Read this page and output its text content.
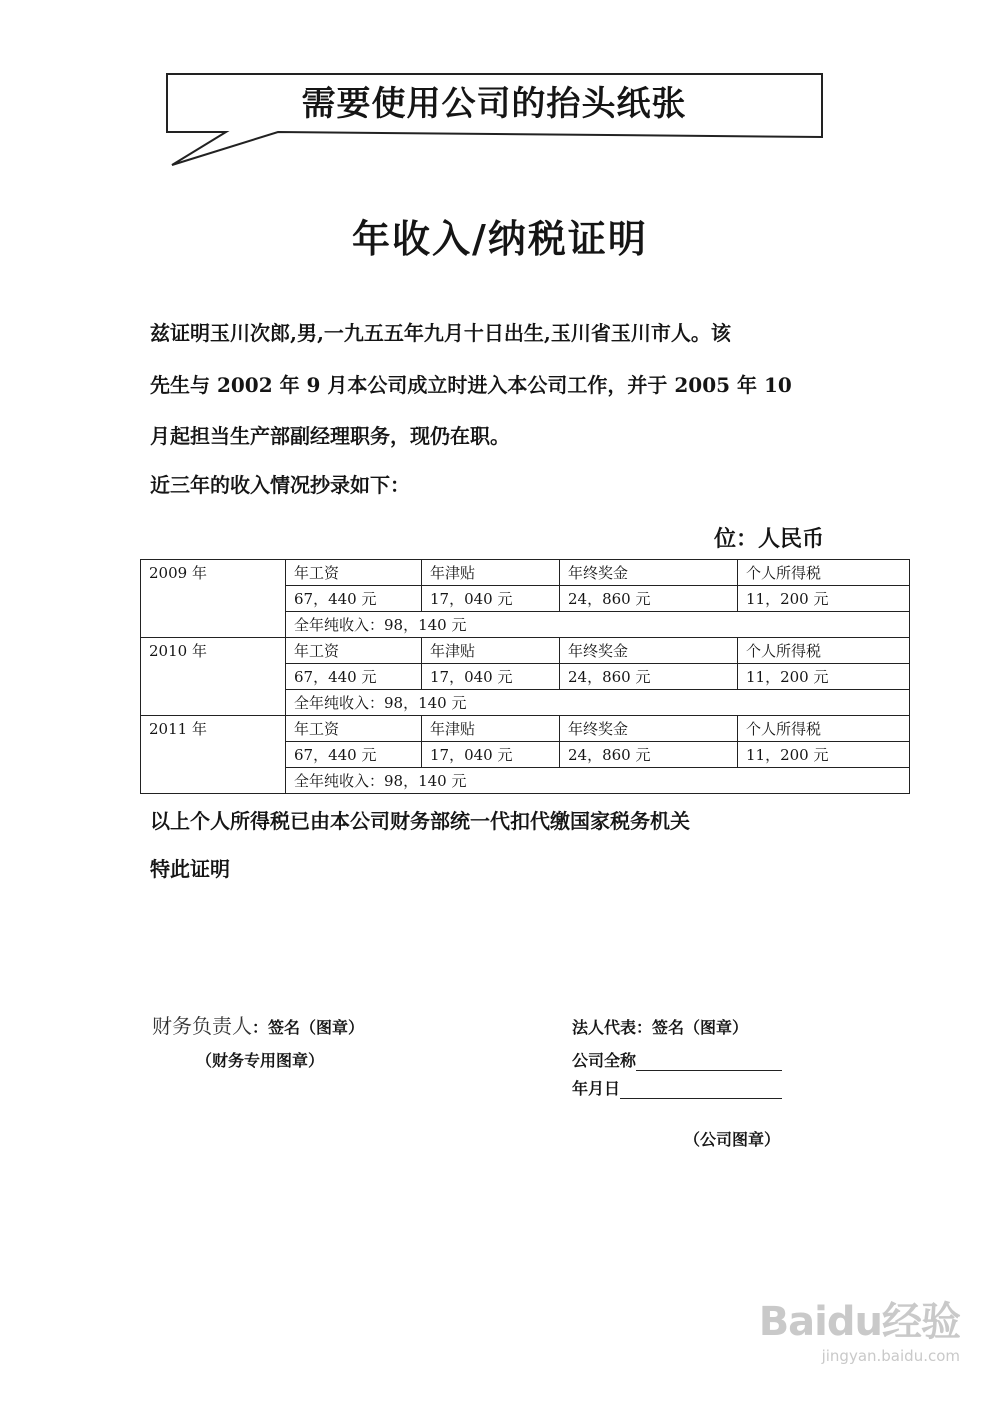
需要使用公司的抬头纸张
年收入/纳税证明
兹证明玉川次郎,男,一九五五年九月十日出生,玉川省玉川市人。该
先生与 2002 年 9 月本公司成立时进入本公司工作，并于 2005 年 10
月起担当生产部副经理职务，现仍在职。
近三年的收入情况抄录如下：
位：人民币
2009 年	年工资	年津贴	年终奖金	个人所得税
	67，440 元	17，040 元	24，860 元	11，200 元
	全年纯收入：98，140 元			
2010 年	年工资	年津贴	年终奖金	个人所得税
	67，440 元	17，040 元	24，860 元	11，200 元
	全年纯收入：98，140 元			
2011 年	年工资	年津贴	年终奖金	个人所得税
	67，440 元	17，040 元	24，860 元	11，200 元
	全年纯收入：98，140 元			
以上个人所得税已由本公司财务部统一代扣代缴国家税务机关
特此证明
财务负责人：签名（图章）
（财务专用图章）
法人代表：签名（图章）
公司全称
年月日
（公司图章）
Baidu经验
jingyan.baidu.com
